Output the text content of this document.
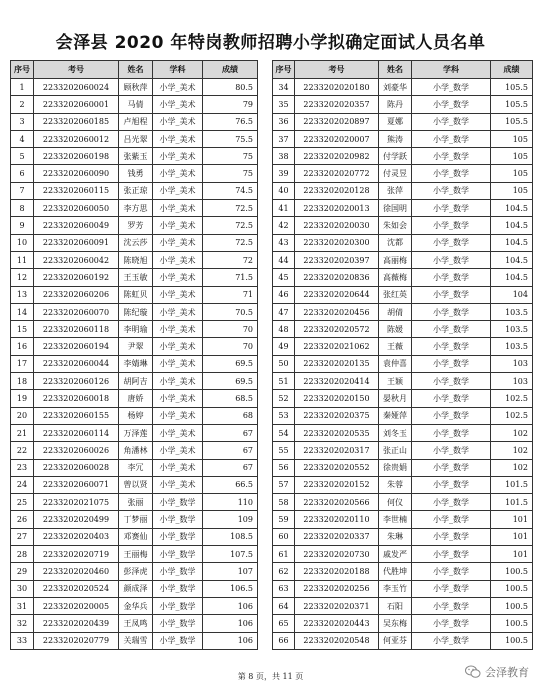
会泽县 2020 年特岗教师招聘小学拟确定面试人员名单
序号	考号	姓名	学科	成绩
1	2233202060024	顾秋萍	小学_美术	80.5
2	2233202060001	马倩	小学_美术	79
3	2233202060185	卢旭程	小学_美术	76.5
4	2233202060012	吕光翠	小学_美术	75.5
5	2233202060198	张紫玉	小学_美术	75
6	2233202060090	钱勇	小学_美术	75
7	2233202060115	张正琼	小学_美术	74.5
8	2233202060050	李方思	小学_美术	72.5
9	2233202060049	罗芳	小学_美术	72.5
10	2233202060091	沈云莎	小学_美术	72.5
11	2233202060042	陈晓旭	小学_美术	72
12	2233202060192	王玉敏	小学_美术	71.5
13	2233202060206	陈虹贝	小学_美术	71
14	2233202060070	陈纪璇	小学_美术	70.5
15	2233202060118	李明瑜	小学_美术	70
16	2233202060194	尹翠	小学_美术	70
17	2233202060044	李婧琳	小学_美术	69.5
18	2233202060126	胡阿吉	小学_美术	69.5
19	2233202060018	唐娇	小学_美术	68.5
20	2233202060155	杨婷	小学_美术	68
21	2233202060114	万泽莲	小学_美术	67
22	2233202060026	角潘林	小学_美术	67
23	2233202060028	李冗	小学_美术	67
24	2233202060071	曾以贤	小学_美术	66.5
25	2233202021075	张丽	小学_数学	110
26	2233202020499	丁梦丽	小学_数学	109
27	2233202020403	邓赛仙	小学_数学	108.5
28	2233202020719	王丽梅	小学_数学	107.5
29	2233202020460	彭泽虎	小学_数学	107
30	2233202020524	颜成泽	小学_数学	106.5
31	2233202020005	金华兵	小学_数学	106
32	2233202020439	王凤鸣	小学_数学	106
33	2233202020779	关瑞雪	小学_数学	106
序号	考号	姓名	学科	成绩
34	2233202020180	刘豪华	小学_数学	105.5
35	2233202020357	陈丹	小学_数学	105.5
36	2233202020897	夏娜	小学_数学	105.5
37	2233202020007	熊涛	小学_数学	105
38	2233202020982	付学跃	小学_数学	105
39	2233202020772	付灵昱	小学_数学	105
40	2233202020128	张萍	小学_数学	105
41	2233202020013	徐国明	小学_数学	104.5
42	2233202020030	朱如会	小学_数学	104.5
43	2233202020300	沈都	小学_数学	104.5
44	2233202020397	高丽梅	小学_数学	104.5
45	2233202020836	高薇梅	小学_数学	104.5
46	2233202020644	张红英	小学_数学	104
47	2233202020456	胡倩	小学_数学	103.5
48	2233202020572	陈媛	小学_数学	103.5
49	2233202021062	王薇	小学_数学	103.5
50	2233202020135	袁仲喜	小学_数学	103
51	2233202020414	王颖	小学_数学	103
52	2233202020150	晏秋月	小学_数学	102.5
53	2233202020375	秦娅萍	小学_数学	102.5
54	2233202020535	刘冬玉	小学_数学	102
55	2233202020317	张正山	小学_数学	102
56	2233202020552	徐贵娟	小学_数学	102
57	2233202020152	朱蓉	小学_数学	101.5
58	2233202020566	何仪	小学_数学	101.5
59	2233202020110	李世楠	小学_数学	101
60	2233202020337	朱琳	小学_数学	101
61	2233202020730	戚发严	小学_数学	101
62	2233202020188	代胜坤	小学_数学	100.5
63	2233202020256	李玉竹	小学_数学	100.5
64	2233202020371	石阳	小学_数学	100.5
65	2233202020443	吴东梅	小学_数学	100.5
66	2233202020548	何亚芬	小学_数学	100.5
第 8 页，共 11 页	会泽教育
